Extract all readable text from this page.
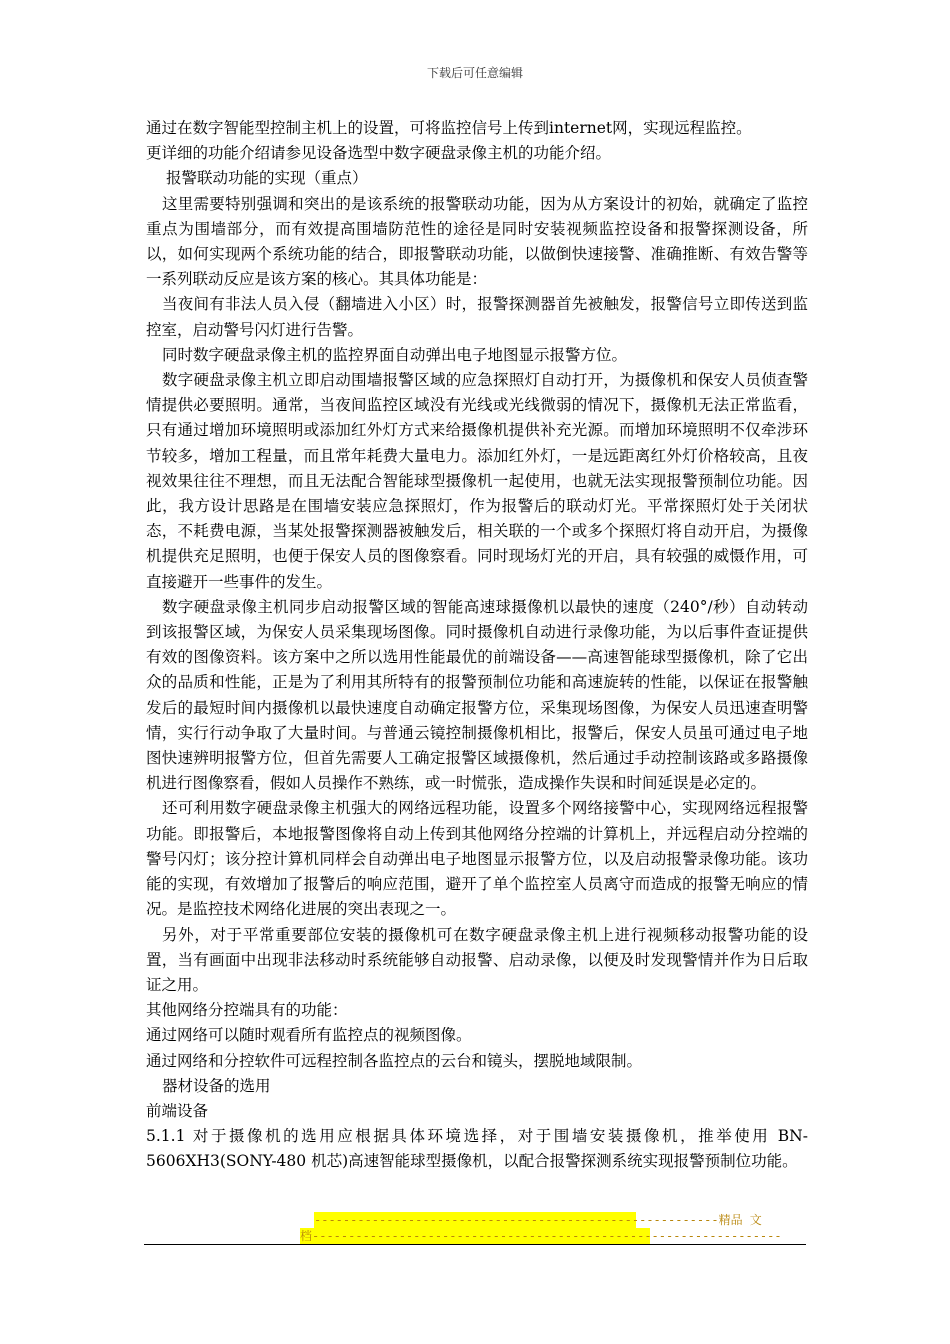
下载后可任意编辑

通过在数字智能型控制主机上的设置，可将监控信号上传到internet网，实现远程监控。

更详细的功能介绍请参见设备选型中数字硬盘录像主机的功能介绍。

报警联动功能的实现（重点）

这里需要特别强调和突出的是该系统的报警联动功能，因为从方案设计的初始，就确定了监控重点为围墙部分，而有效提高围墙防范性的途径是同时安装视频监控设备和报警探测设备，所以，如何实现两个系统功能的结合，即报警联动功能，以做倒快速接警、准确推断、有效告警等一系列联动反应是该方案的核心。其具体功能是：

当夜间有非法人员入侵（翻墙进入小区）时，报警探测器首先被触发，报警信号立即传送到监控室，启动警号闪灯进行告警。

同时数字硬盘录像主机的监控界面自动弹出电子地图显示报警方位。

数字硬盘录像主机立即启动围墙报警区域的应急探照灯自动打开，为摄像机和保安人员侦查警情提供必要照明。通常，当夜间监控区域没有光线或光线微弱的情况下，摄像机无法正常监看，只有通过增加环境照明或添加红外灯方式来给摄像机提供补充光源。而增加环境照明不仅牵涉环节较多，增加工程量，而且常年耗费大量电力。添加红外灯，一是远距离红外灯价格较高，且夜视效果往往不理想，而且无法配合智能球型摄像机一起使用，也就无法实现报警预制位功能。因此，我方设计思路是在围墙安装应急探照灯，作为报警后的联动灯光。平常探照灯处于关闭状态，不耗费电源，当某处报警探测器被触发后，相关联的一个或多个探照灯将自动开启，为摄像机提供充足照明，也便于保安人员的图像察看。同时现场灯光的开启，具有较强的威慑作用，可直接避开一些事件的发生。

数字硬盘录像主机同步启动报警区域的智能高速球摄像机以最快的速度（240°/秒）自动转动到该报警区域，为保安人员采集现场图像。同时摄像机自动进行录像功能，为以后事件查证提供有效的图像资料。该方案中之所以选用性能最优的前端设备——高速智能球型摄像机，除了它出众的品质和性能，正是为了利用其所特有的报警预制位功能和高速旋转的性能，以保证在报警触发后的最短时间内摄像机以最快速度自动确定报警方位，采集现场图像，为保安人员迅速查明警情，实行行动争取了大量时间。与普通云镜控制摄像机相比，报警后，保安人员虽可通过电子地图快速辨明报警方位，但首先需要人工确定报警区域摄像机，然后通过手动控制该路或多路摄像机进行图像察看，假如人员操作不熟练，或一时慌张，造成操作失误和时间延误是必定的。

还可利用数字硬盘录像主机强大的网络远程功能，设置多个网络接警中心，实现网络远程报警功能。即报警后，本地报警图像将自动上传到其他网络分控端的计算机上，并远程启动分控端的警号闪灯；该分控计算机同样会自动弹出电子地图显示报警方位，以及启动报警录像功能。该功能的实现，有效增加了报警后的响应范围，避开了单个监控室人员离守而造成的报警无响应的情况。是监控技术网络化进展的突出表现之一。

另外，对于平常重要部位安装的摄像机可在数字硬盘录像主机上进行视频移动报警功能的设置，当有画面中出现非法移动时系统能够自动报警、启动录像，以便及时发现警情并作为日后取证之用。

其他网络分控端具有的功能：

通过网络可以随时观看所有监控点的视频图像。

通过网络和分控软件可远程控制各监控点的云台和镜头，摆脱地域限制。

器材设备的选用

前端设备

5.1.1 对于摄像机的选用应根据具体环境选择，对于围墙安装摄像机，推举使用 BN-5606XH3(SONY-480 机芯)高速智能球型摄像机，以配合报警探测系统实现报警预制位功能。

--------------------------------------------------------精品 文
档-----------------------------------------------------------------
